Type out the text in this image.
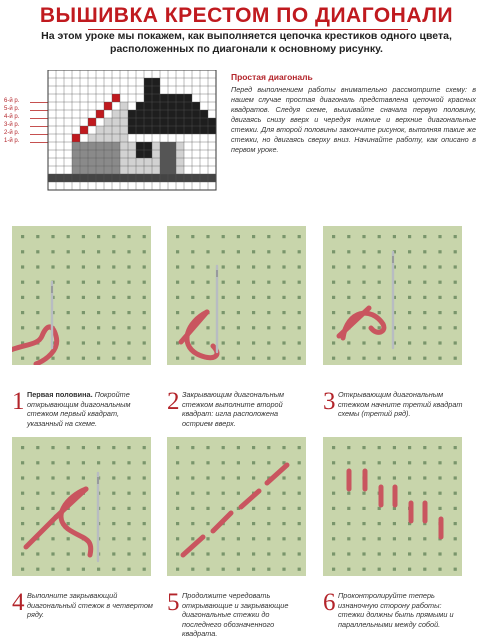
ВЫШИВКА КРЕСТОМ ПО ДИАГОНАЛИ
На этом уроке мы покажем, как выполняется цепочка крестиков одного цвета, расположенных по диагонали к основному рисунку.
6-й р.
5-й р.
4-й р.
3-й р.
2-й р.
1-й р.
Простая диагональ
Перед выполнением работы внимательно рассмотрите схему: в нашем случае простая диагональ представлена цепочкой красных квадратов. Следуя схеме, вышивайте сначала первую половину, двигаясь снизу вверх и чередуя нижние и верхние диагональные стежки. Для второй половины закончите рисунок, выполняя такие же стежки, но двигаясь сверху вниз. Начинайте работу, как описано в первом уроке.
1 Первая половина. Покройте открывающим диагональным стежком первый квадрат, указанный на схеме.
2 Закрывающим диагональным стежком выполните второй квадрат: игла расположена острием вверх.
3 Открывающим диагональным стежком начните третий квадрат схемы (третий ряд).
4 Выполните закрывающий диагональный стежок в четвертом ряду.	5 Продолжите чередовать открывающие и закрывающие диагональные стежки до последнего обозначенного квадрата.
6 Проконтролируйте теперь изнаночную сторону работы: стежки должны быть прямыми и параллельными между собой.
